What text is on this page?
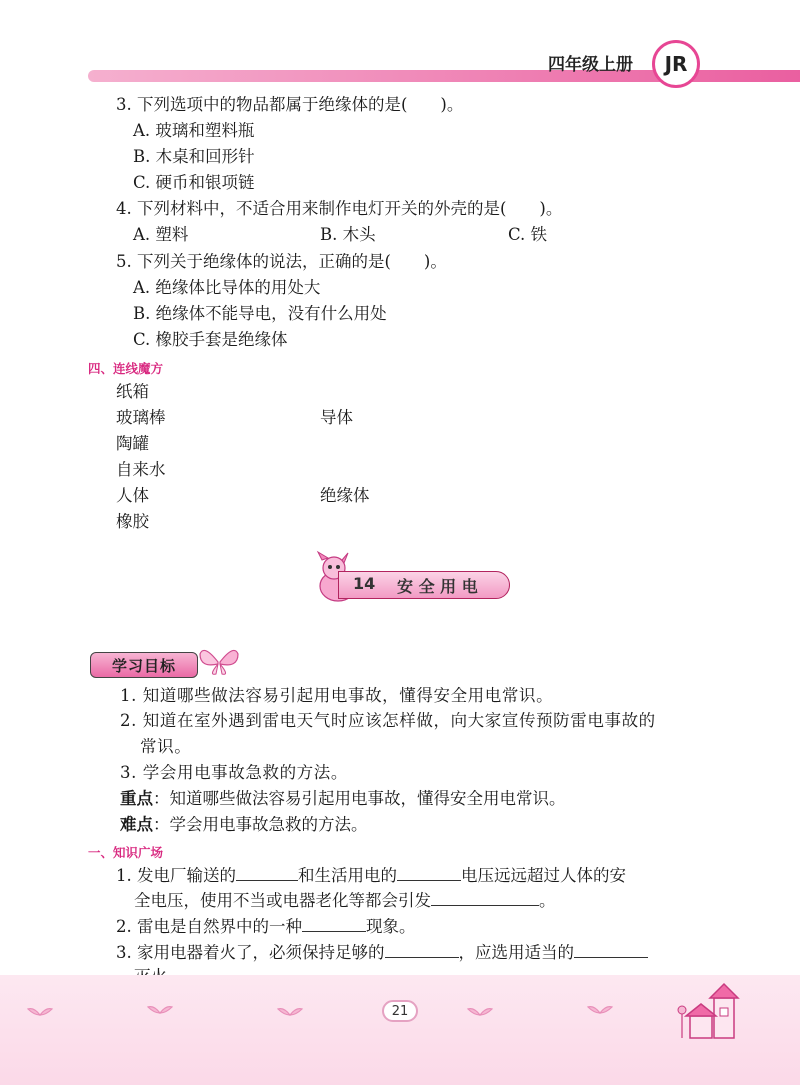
四年级上册	JR
3. 下列选项中的物品都属于绝缘体的是(　　)。
A. 玻璃和塑料瓶
B. 木桌和回形针
C. 硬币和银项链
4. 下列材料中，不适合用来制作电灯开关的外壳的是(　　)。
A. 塑料	B. 木头	C. 铁
5. 下列关于绝缘体的说法，正确的是(　　)。
A. 绝缘体比导体的用处大
B. 绝缘体不能导电，没有什么用处
C. 橡胶手套是绝缘体
四、连线魔方
纸箱
玻璃棒
陶罐
自来水
人体
橡胶
导体
绝缘体
14 安 全 用 电
学习目标
1. 知道哪些做法容易引起用电事故，懂得安全用电常识。
2. 知道在室外遇到雷电天气时应该怎样做，向大家宣传预防雷电事故的
常识。
3. 学会用电事故急救的方法。
重点：知道哪些做法容易引起用电事故，懂得安全用电常识。
难点：学会用电事故急救的方法。
一、知识广场
1. 发电厂输送的	和生活用电的	电压远远超过人体的安
全电压，使用不当或电器老化等都会引发	。
2. 雷电是自然界中的一种	现象。
3. 家用电器着火了，必须保持足够的	，应选用适当的
21
